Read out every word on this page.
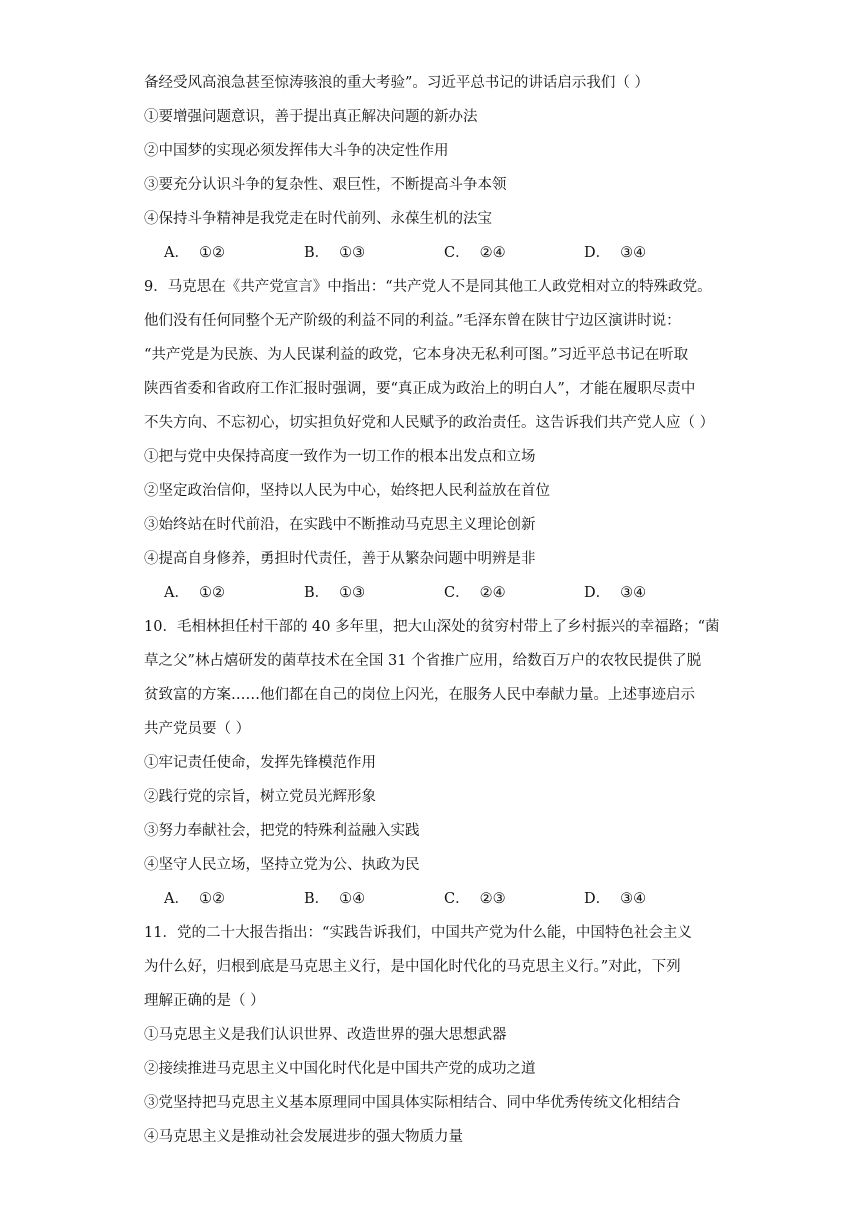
备经受风高浪急甚至惊涛骇浪的重大考验”。习近平总书记的讲话启示我们（ ）
①要增强问题意识，善于提出真正解决问题的新办法
②中国梦的实现必须发挥伟大斗争的决定性作用
③要充分认识斗争的复杂性、艰巨性，不断提高斗争本领
④保持斗争精神是我党走在时代前列、永葆生机的法宝
A． ①②	B． ①③	C． ②④	D． ③④
9．马克思在《共产党宣言》中指出：“共产党人不是同其他工人政党相对立的特殊政党。
他们没有任何同整个无产阶级的利益不同的利益。”毛泽东曾在陕甘宁边区演讲时说：
“共产党是为民族、为人民谋利益的政党，它本身决无私利可图。”习近平总书记在听取
陕西省委和省政府工作汇报时强调，要“真正成为政治上的明白人”，才能在履职尽责中
不失方向、不忘初心，切实担负好党和人民赋予的政治责任。这告诉我们共产党人应（ ）
①把与党中央保持高度一致作为一切工作的根本出发点和立场
②坚定政治信仰，坚持以人民为中心，始终把人民利益放在首位
③始终站在时代前沿，在实践中不断推动马克思主义理论创新
④提高自身修养，勇担时代责任，善于从繁杂问题中明辨是非
A． ①②	B． ①③	C． ②④	D． ③④
10．毛相林担任村干部的 40 多年里，把大山深处的贫穷村带上了乡村振兴的幸福路；“菌
草之父”林占熺研发的菌草技术在全国 31 个省推广应用，给数百万户的农牧民提供了脱
贫致富的方案……他们都在自己的岗位上闪光，在服务人民中奉献力量。上述事迹启示
共产党员要（ ）
①牢记责任使命，发挥先锋模范作用
②践行党的宗旨，树立党员光辉形象
③努力奉献社会，把党的特殊利益融入实践
④坚守人民立场，坚持立党为公、执政为民
A． ①②	B． ①④	C． ②③	D． ③④
11．党的二十大报告指出：“实践告诉我们，中国共产党为什么能，中国特色社会主义
为什么好，归根到底是马克思主义行，是中国化时代化的马克思主义行。”对此，下列
理解正确的是（ ）
①马克思主义是我们认识世界、改造世界的强大思想武器
②接续推进马克思主义中国化时代化是中国共产党的成功之道
③党坚持把马克思主义基本原理同中国具体实际相结合、同中华优秀传统文化相结合
④马克思主义是推动社会发展进步的强大物质力量
